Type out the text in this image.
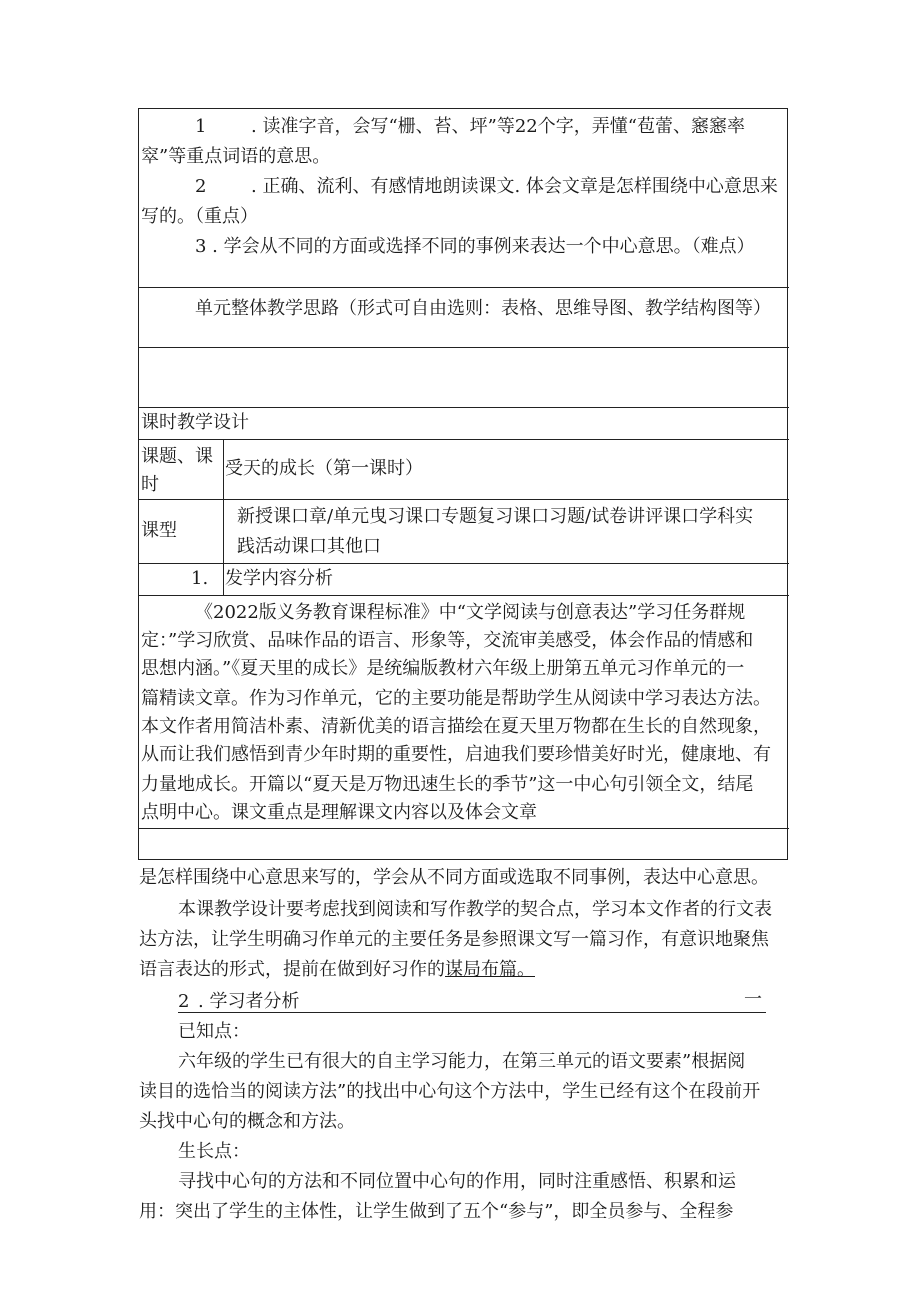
1 . 读准字音，会写“栅、苔、坪”等22个字，弄懂“苞蕾、窸窸率
窣”等重点词语的意思。
2 . 正确、流利、有感情地朗读课文. 体会文章是怎样围绕中心意思来
写的。（重点）
3 . 学会从不同的方面或选择不同的事例来表达一个中心意思。（难点）
单元整体教学思路（形式可自由选则：表格、思维导图、教学结构图等）
课时教学设计
课题、课
时
受天的成长（第一课时）
课型
新授课口章/单元曳习课口专题复习课口习题/试卷讲评课口学科实
践活动课口其他口
1. 发学内容分析
《2022版义务教育课程标准》中“文学阅读与创意表达”学习任务群规
定：”学习欣赏、品味作品的语言、形象等，交流审美感受，体会作品的情感和
思想内涵。”《夏天里的成长》是统编版教材六年级上册第五单元习作单元的一
篇精读文章。作为习作单元，它的主要功能是帮助学生从阅读中学习表达方法。
本文作者用简洁朴素、清新优美的语言描绘在夏天里万物都在生长的自然现象，
从而让我们感悟到青少年时期的重要性，启迪我们要珍惜美好时光，健康地、有
力量地成长。开篇以“夏天是万物迅速生长的季节”这一中心句引领全文，结尾
点明中心。课文重点是理解课文内容以及体会文章
是怎样围绕中心意思来写的，学会从不同方面或选取不同事例，表达中心意思。
本课教学设计要考虑找到阅读和写作教学的契合点，学习本文作者的行文表
达方法，让学生明确习作单元的主要任务是参照课文写一篇习作，有意识地聚焦
语言表达的形式，提前在做到好习作的谋局布篇。
2 . 学习者分析	一
已知点：
六年级的学生已有很大的自主学习能力，在第三单元的语文要素”根据阅
读目的选恰当的阅读方法”的找出中心句这个方法中，学生已经有这个在段前开
头找中心句的概念和方法。
生长点：
寻找中心句的方法和不同位置中心句的作用，同时注重感悟、积累和运
用：突出了学生的主体性，让学生做到了五个“参与”，即全员参与、全程参
